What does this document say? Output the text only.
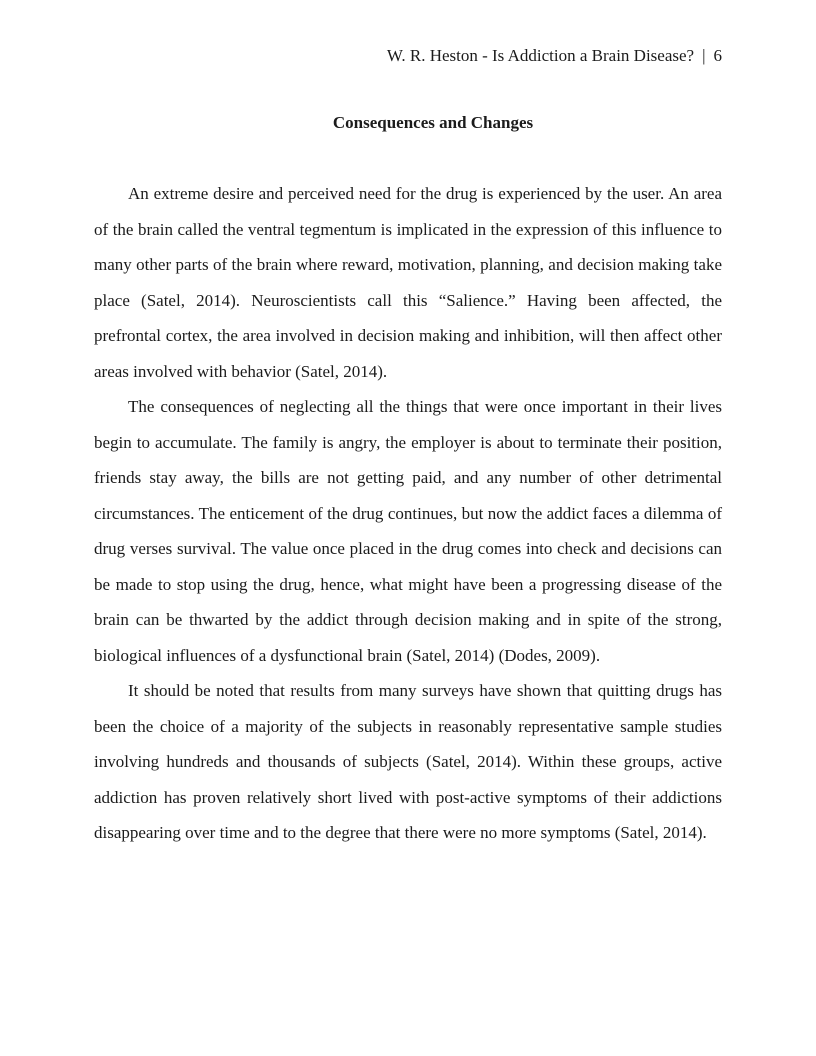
W. R. Heston - Is Addiction a Brain Disease? | 6
Consequences and Changes

An extreme desire and perceived need for the drug is experienced by the user. An area of the brain called the ventral tegmentum is implicated in the expression of this influence to many other parts of the brain where reward, motivation, planning, and decision making take place (Satel, 2014). Neuroscientists call this “Salience.” Having been affected, the prefrontal cortex, the area involved in decision making and inhibition, will then affect other areas involved with behavior (Satel, 2014).

The consequences of neglecting all the things that were once important in their lives begin to accumulate. The family is angry, the employer is about to terminate their position, friends stay away, the bills are not getting paid, and any number of other detrimental circumstances. The enticement of the drug continues, but now the addict faces a dilemma of drug verses survival. The value once placed in the drug comes into check and decisions can be made to stop using the drug, hence, what might have been a progressing disease of the brain can be thwarted by the addict through decision making and in spite of the strong, biological influences of a dysfunctional brain (Satel, 2014) (Dodes, 2009).

It should be noted that results from many surveys have shown that quitting drugs has been the choice of a majority of the subjects in reasonably representative sample studies involving hundreds and thousands of subjects (Satel, 2014). Within these groups, active addiction has proven relatively short lived with post-active symptoms of their addictions disappearing over time and to the degree that there were no more symptoms (Satel, 2014).
